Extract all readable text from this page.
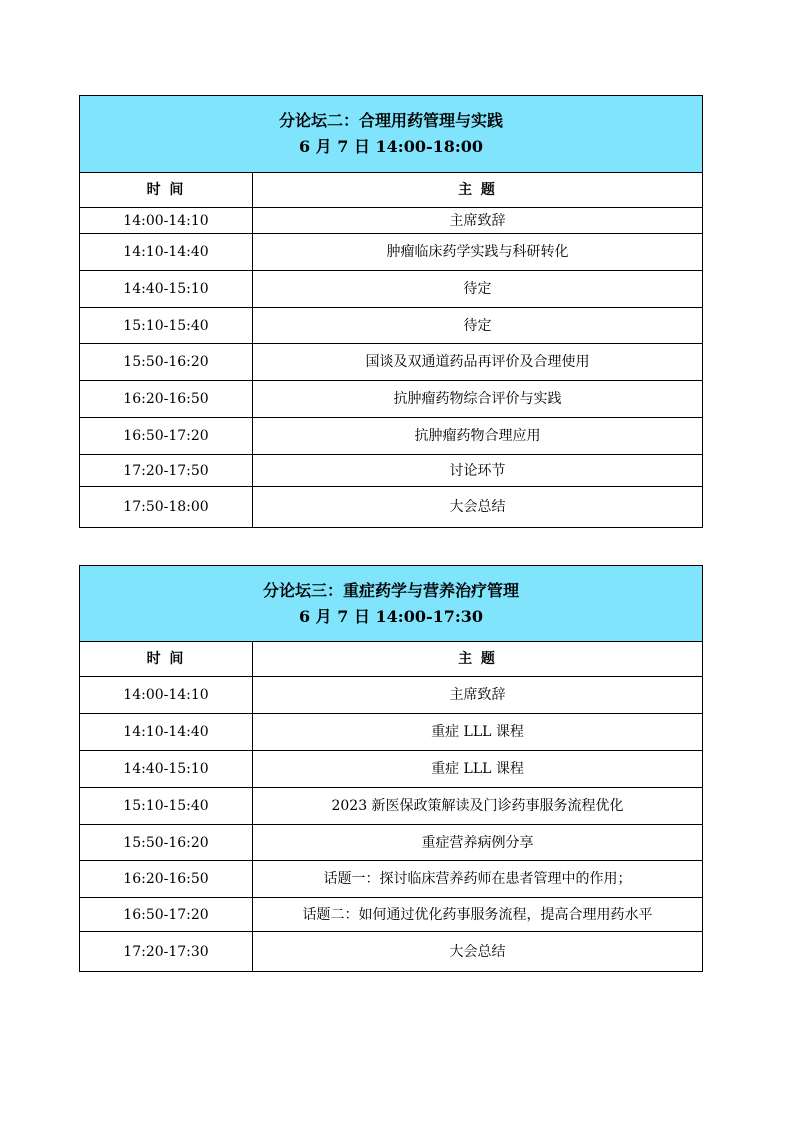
分论坛二：合理用药管理与实践
6 月 7 日 14:00-18:00	

时 间	主 题
14:00-14:10	主席致辞
14:10-14:40	肿瘤临床药学实践与科研转化
14:40-15:10	待定
15:10-15:40	待定
15:50-16:20	国谈及双通道药品再评价及合理使用
16:20-16:50	抗肿瘤药物综合评价与实践
16:50-17:20	抗肿瘤药物合理应用
17:20-17:50	讨论环节
17:50-18:00	大会总结
分论坛三：重症药学与营养治疗管理
6 月 7 日 14:00-17:30	

时 间	主 题
14:00-14:10	主席致辞
14:10-14:40	重症 LLL 课程
14:40-15:10	重症 LLL 课程
15:10-15:40	2023 新医保政策解读及门诊药事服务流程优化
15:50-16:20	重症营养病例分享
16:20-16:50	话题一：探讨临床营养药师在患者管理中的作用；
16:50-17:20	话题二：如何通过优化药事服务流程，提高合理用药水平
17:20-17:30	大会总结
